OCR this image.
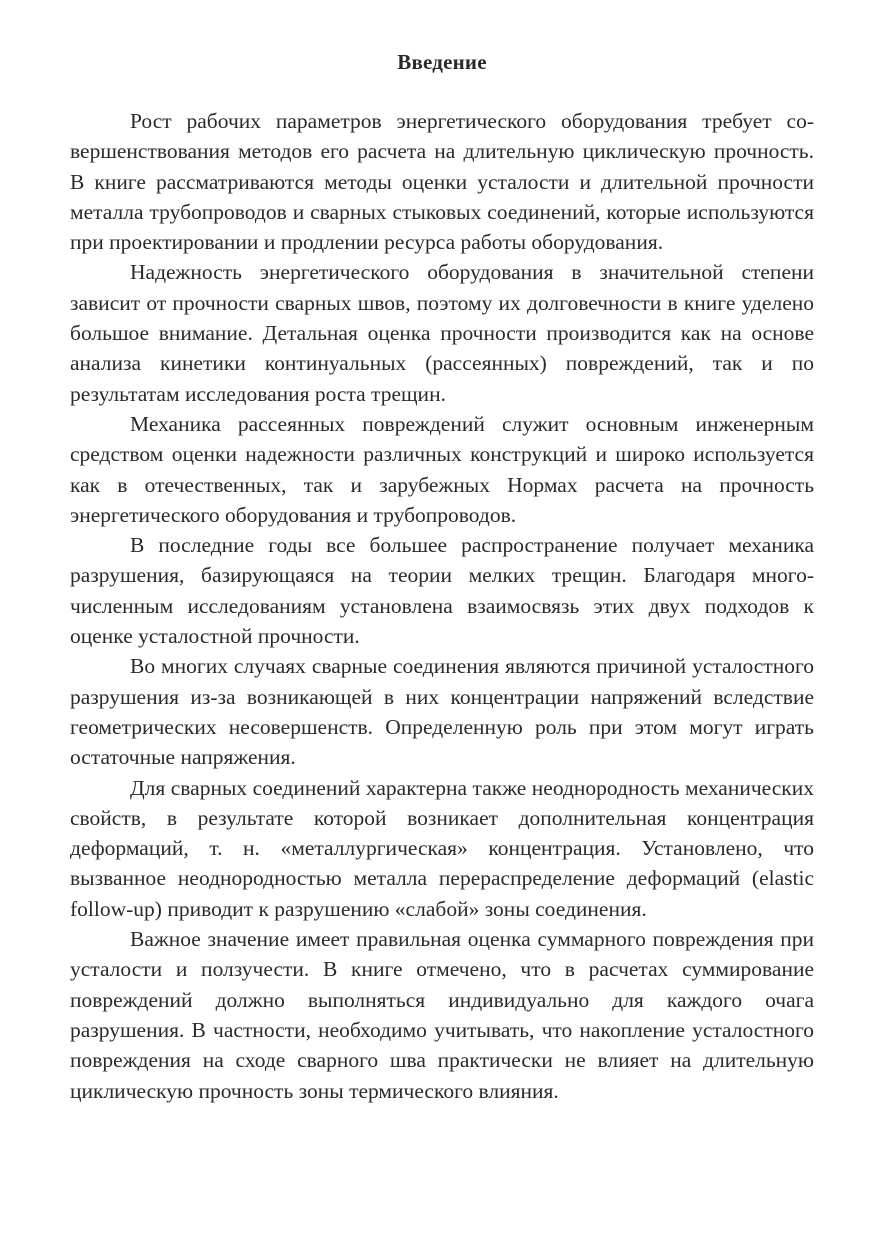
Введение

Рост рабочих параметров энергетического оборудования требует совершенствования методов его расчета на длительную циклическую прочность. В книге рассматриваются методы оценки усталости и длительной прочности металла трубопроводов и сварных стыковых соединений, которые используются при проектировании и продлении ресурса работы оборудования.

Надежность энергетического оборудования в значительной степени зависит от прочности сварных швов, поэтому их долговечности в книге уделено большое внимание. Детальная оценка прочности производится как на основе анализа кинетики континуальных (рассеянных) повреждений, так и по результатам исследования роста трещин.

Механика рассеянных повреждений служит основным инженерным средством оценки надежности различных конструкций и широко используется как в отечественных, так и зарубежных Нормах расчета на прочность энергетического оборудования и трубопроводов.

В последние годы все большее распространение получает механика разрушения, базирующаяся на теории мелких трещин. Благодаря многочисленным исследованиям установлена взаимосвязь этих двух подходов к оценке усталостной прочности.

Во многих случаях сварные соединения являются причиной усталостного разрушения из-за возникающей в них концентрации напряжений вследствие геометрических несовершенств. Определенную роль при этом могут играть остаточные напряжения.

Для сварных соединений характерна также неоднородность механических свойств, в результате которой возникает дополнительная концентрация деформаций, т. н. «металлургическая» концентрация. Установлено, что вызванное неоднородностью металла перераспределение деформаций (elastic follow-up) приводит к разрушению «слабой» зоны соединения.

Важное значение имеет правильная оценка суммарного повреждения при усталости и ползучести. В книге отмечено, что в расчетах суммирование повреждений должно выполняться индивидуально для каждого очага разрушения. В частности, необходимо учитывать, что накопление усталостного повреждения на сходе сварного шва практически не влияет на длительную циклическую прочность зоны термического влияния.
